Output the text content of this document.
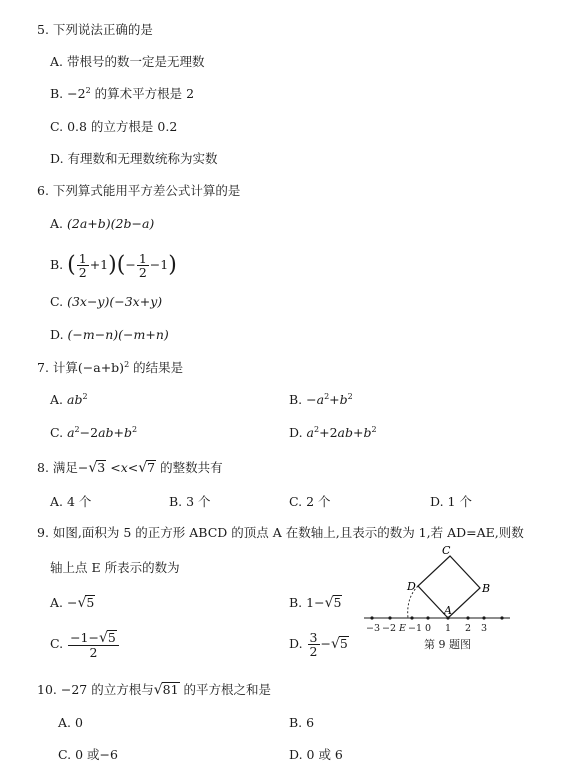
5. 下列说法正确的是
A. 带根号的数一定是无理数
B. $-2^2$ 的算术平方根是 2
C. 0.8 的立方根是 0.2
D. 有理数和无理数统称为实数
6. 下列算式能用平方差公式计算的是
A. (2a+b)(2b−a)
B. ( $\frac{1}{2} +1)(- \frac{1}{2} -1)$
C. (3x−y)(−3x+y)
D. (−m−n)(−m+n)
7. 计算$(-a+b)^2$ 的结果是
A. $ab^2$	B. $-a^2+b^2$
C. $a^2-2ab+b^2$	D. $a^2+2ab+b^2$
8. 满足−√3 <x<√7 的整数共有
A. 4 个	B. 3 个	C. 2 个	D. 1 个
9. 如图,面积为 5 的正方形 ABCD 的顶点 A 在数轴上,且表示的数为 1,若 AD=AE,则数
轴上点 E 所表示的数为
A. −√5	B. 1−√5
C. $\frac{-1-√5}{2}$	D. $\frac{3}{2} -√5$
C
B
D
A
−3 −2 E −1 0 1 2 3
第 9 题图
10. −27 的立方根与√81 的平方根之和是
A. 0	B. 6
C. 0 或−6	D. 0 或 6
